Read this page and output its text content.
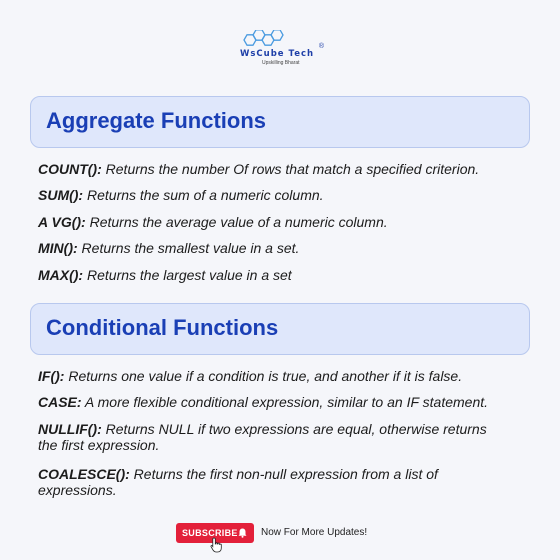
WsCube Tech
®
Upskilling Bharat
Aggregate Functions
COUNT(): Returns the number Of rows that match a specified criterion.
SUM(): Returns the sum of a numeric column.
A VG(): Returns the average value of a numeric column.
MIN(): Returns the smallest value in a set.
MAX(): Returns the largest value in a set
Conditional Functions
IF(): Returns one value if a condition is true, and another if it is false.
CASE: A more flexible conditional expression, similar to an IF statement.
NULLIF(): Returns NULL if two expressions are equal, otherwise returns the first expression.
COALESCE(): Returns the first non-null expression from a list of expressions.
SUBSCRIBE	Now For More Updates!
